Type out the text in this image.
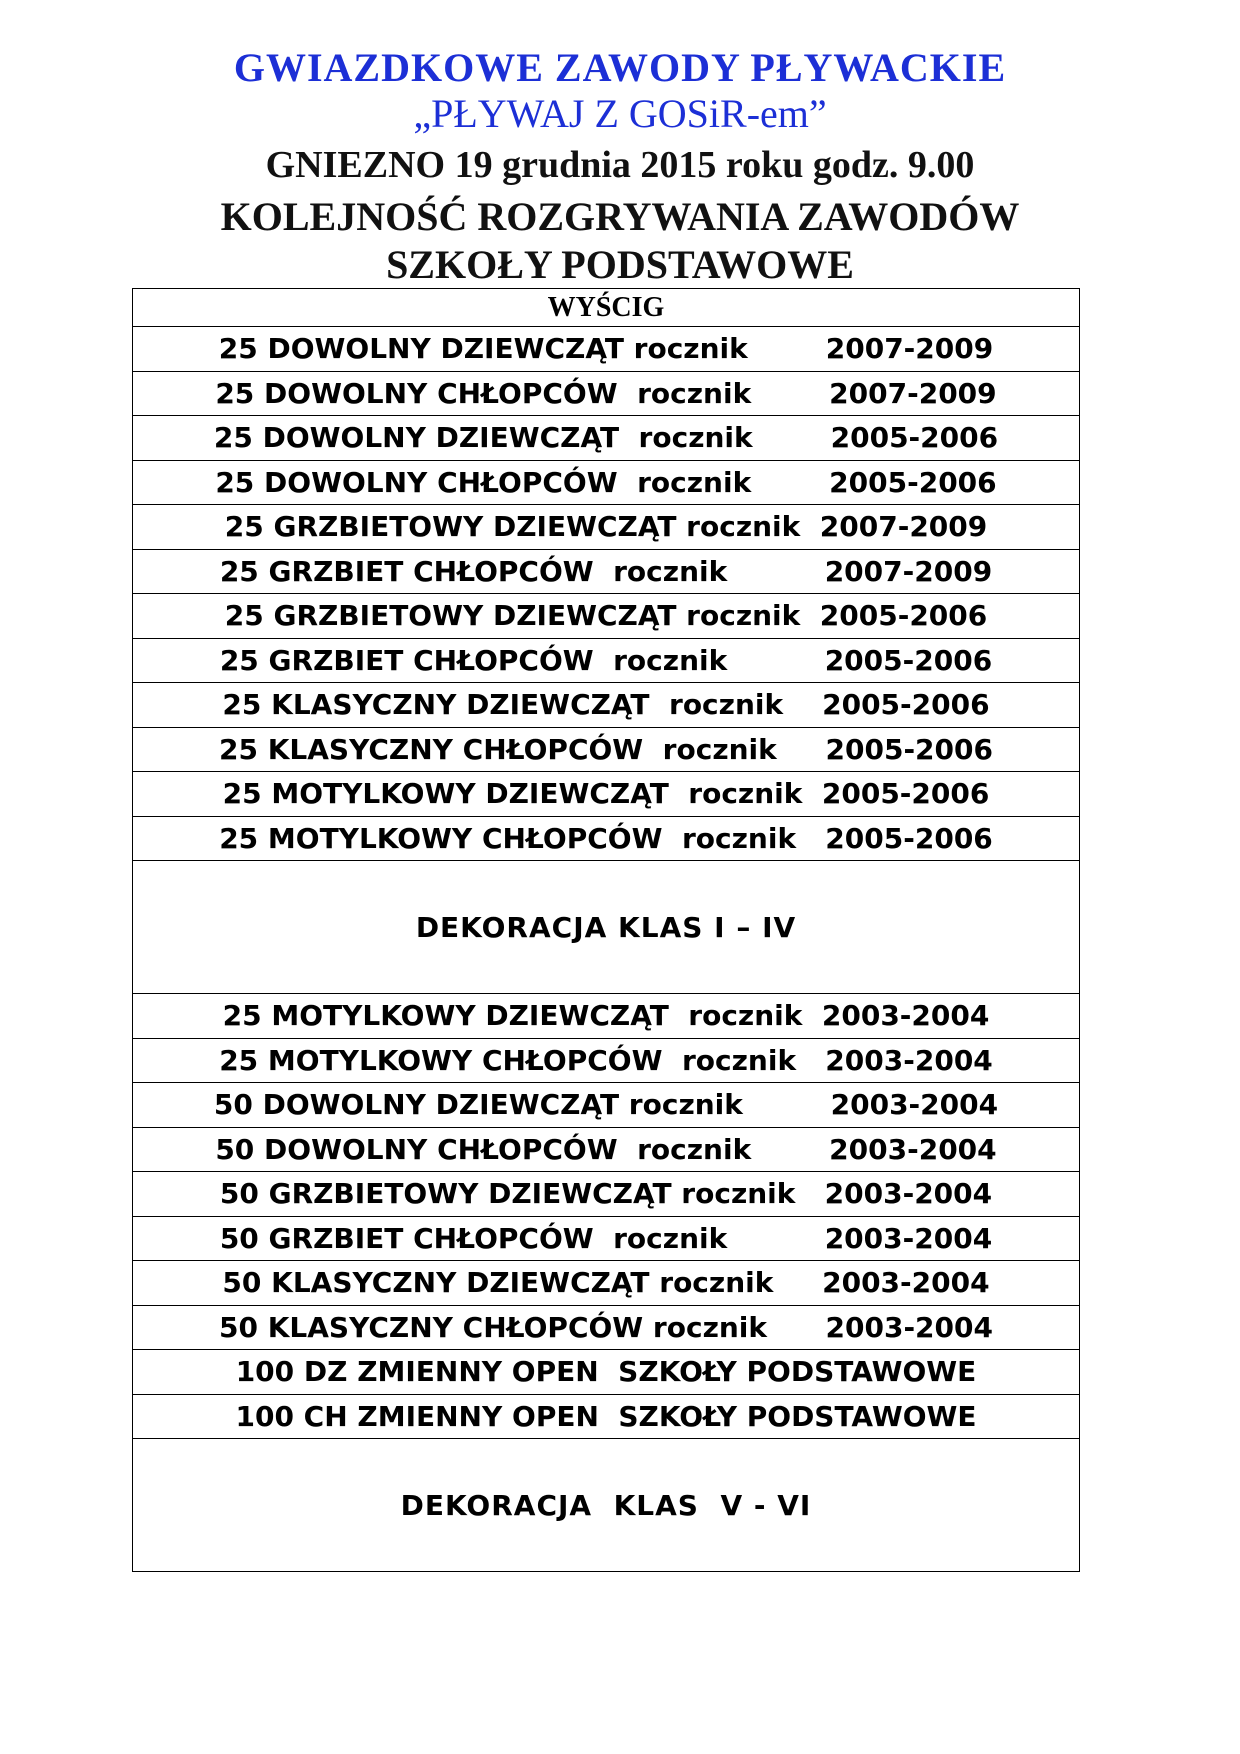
GWIAZDKOWE ZAWODY PŁYWACKIE
„PŁYWAJ Z GOSiR-em”
GNIEZNO 19 grudnia 2015 roku godz. 9.00
KOLEJNOŚĆ ROZGRYWANIA ZAWODÓW
SZKOŁY PODSTAWOWE
WYŚCIG
25 DOWOLNY DZIEWCZĄT rocznik        2007-2009
25 DOWOLNY CHŁOPCÓW  rocznik        2007-2009
25 DOWOLNY DZIEWCZĄT  rocznik        2005-2006
25 DOWOLNY CHŁOPCÓW  rocznik        2005-2006
25 GRZBIETOWY DZIEWCZĄT rocznik  2007-2009
25 GRZBIET CHŁOPCÓW  rocznik          2007-2009
25 GRZBIETOWY DZIEWCZĄT rocznik  2005-2006
25 GRZBIET CHŁOPCÓW  rocznik          2005-2006
25 KLASYCZNY DZIEWCZĄT  rocznik    2005-2006
25 KLASYCZNY CHŁOPCÓW  rocznik     2005-2006
25 MOTYLKOWY DZIEWCZĄT  rocznik  2005-2006
25 MOTYLKOWY CHŁOPCÓW  rocznik   2005-2006
DEKORACJA KLAS I – IV
25 MOTYLKOWY DZIEWCZĄT  rocznik  2003-2004
25 MOTYLKOWY CHŁOPCÓW  rocznik   2003-2004
50 DOWOLNY DZIEWCZĄT rocznik         2003-2004
50 DOWOLNY CHŁOPCÓW  rocznik        2003-2004
50 GRZBIETOWY DZIEWCZĄT rocznik   2003-2004
50 GRZBIET CHŁOPCÓW  rocznik          2003-2004
50 KLASYCZNY DZIEWCZĄT rocznik     2003-2004
50 KLASYCZNY CHŁOPCÓW rocznik      2003-2004
100 DZ ZMIENNY OPEN  SZKOŁY PODSTAWOWE
100 CH ZMIENNY OPEN  SZKOŁY PODSTAWOWE
DEKORACJA  KLAS  V - VI
